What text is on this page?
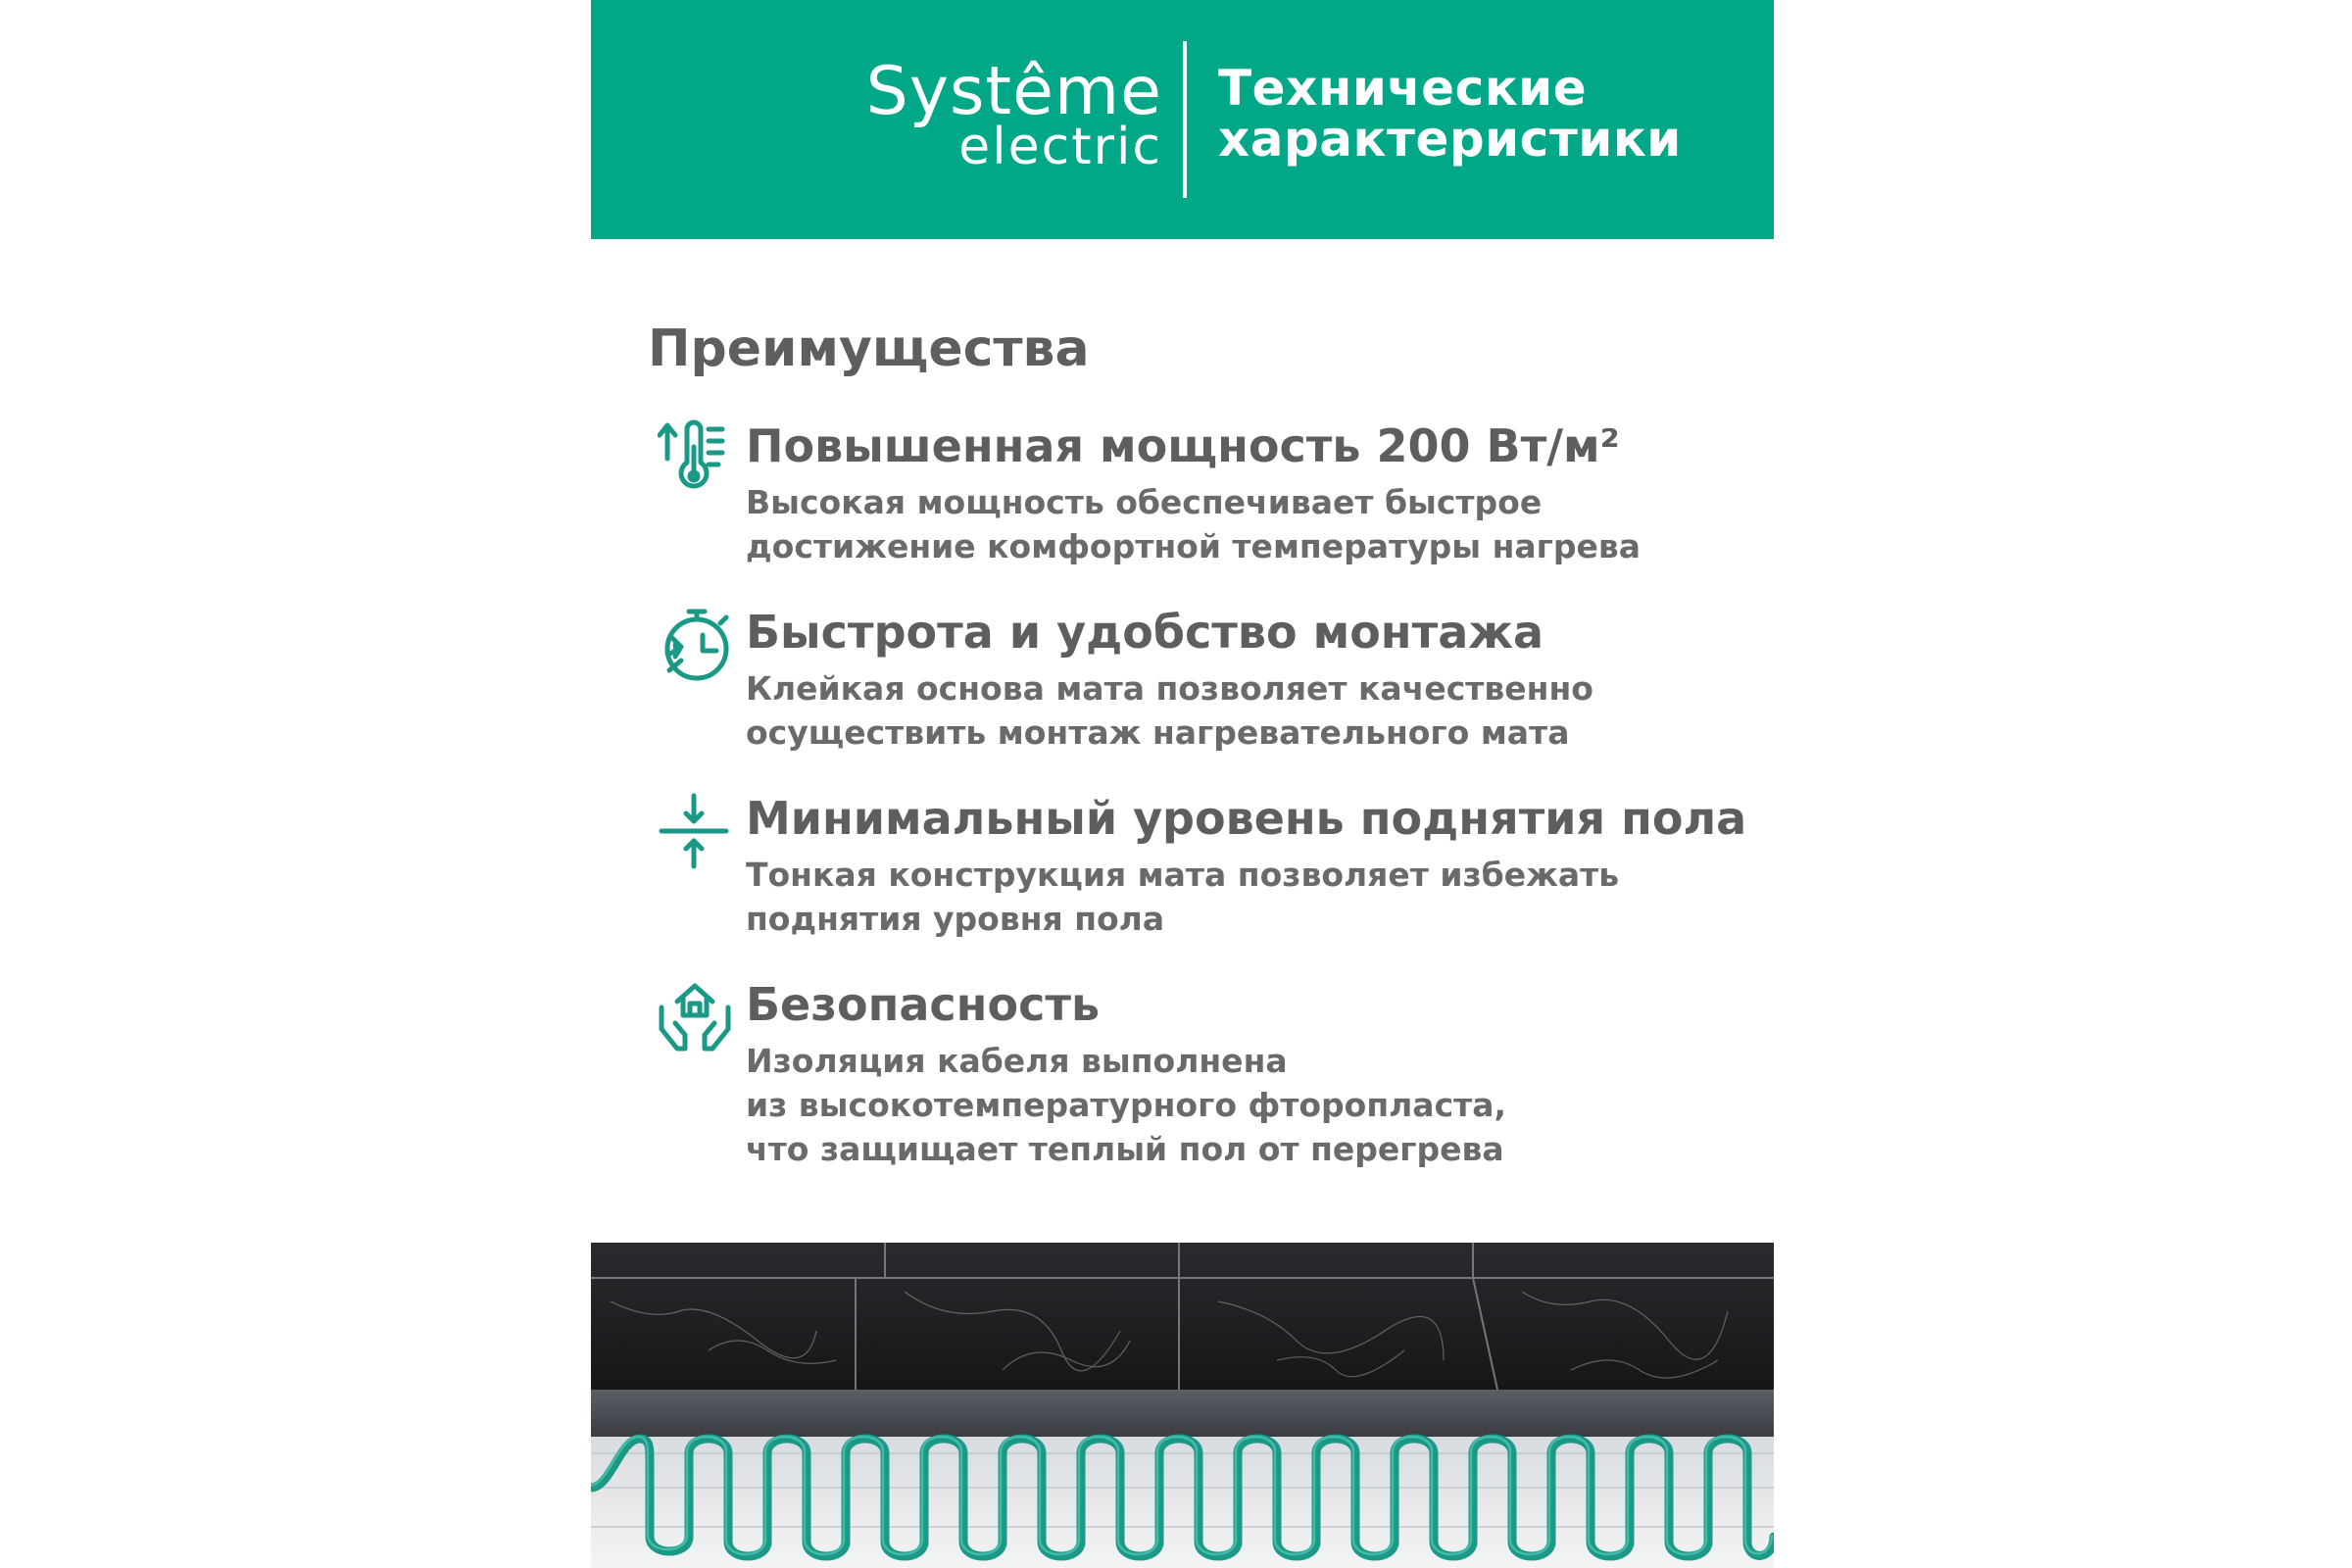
Systême
electric
Технические
характеристики
Преимущества
Повышенная мощность 200 Вт/м²
Высокая мощность обеспечивает быстрое
достижение комфортной температуры нагрева
Быстрота и удобство монтажа
Клейкая основа мата позволяет качественно
осуществить монтаж нагревательного мата
Минимальный уровень поднятия пола
Тонкая конструкция мата позволяет избежать
поднятия уровня пола
Безопасность
Изоляция кабеля выполнена
из высокотемпературного фторопласта,
что защищает теплый пол от перегрева
